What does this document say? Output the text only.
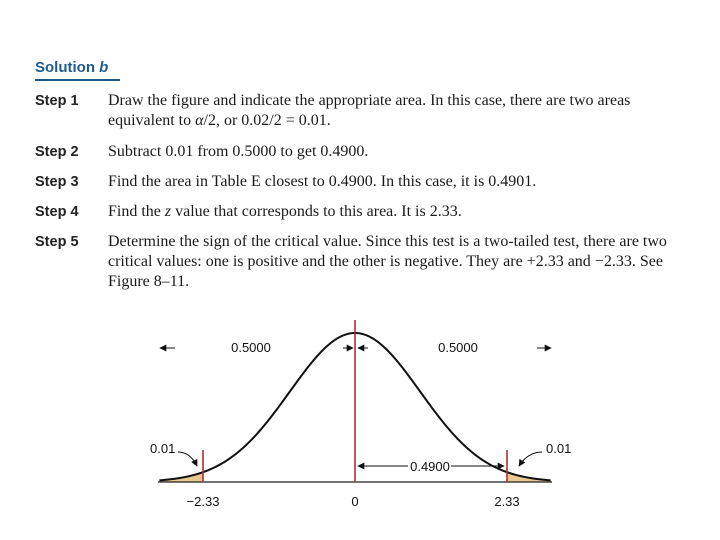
Solution b
Step 1 Draw the figure and indicate the appropriate area. In this case, there are two areas equivalent to α/2, or 0.02/2 = 0.01.
Step 2 Subtract 0.01 from 0.5000 to get 0.4900.
Step 3 Find the area in Table E closest to 0.4900. In this case, it is 0.4901.
Step 4 Find the z value that corresponds to this area. It is 2.33.
Step 5 Determine the sign of the critical value. Since this test is a two-tailed test, there are two critical values: one is positive and the other is negative. They are +2.33 and −2.33. See Figure 8–11.
0.5000	0.5000
0.01	0.01
0.4900
−2.33	0	2.33
